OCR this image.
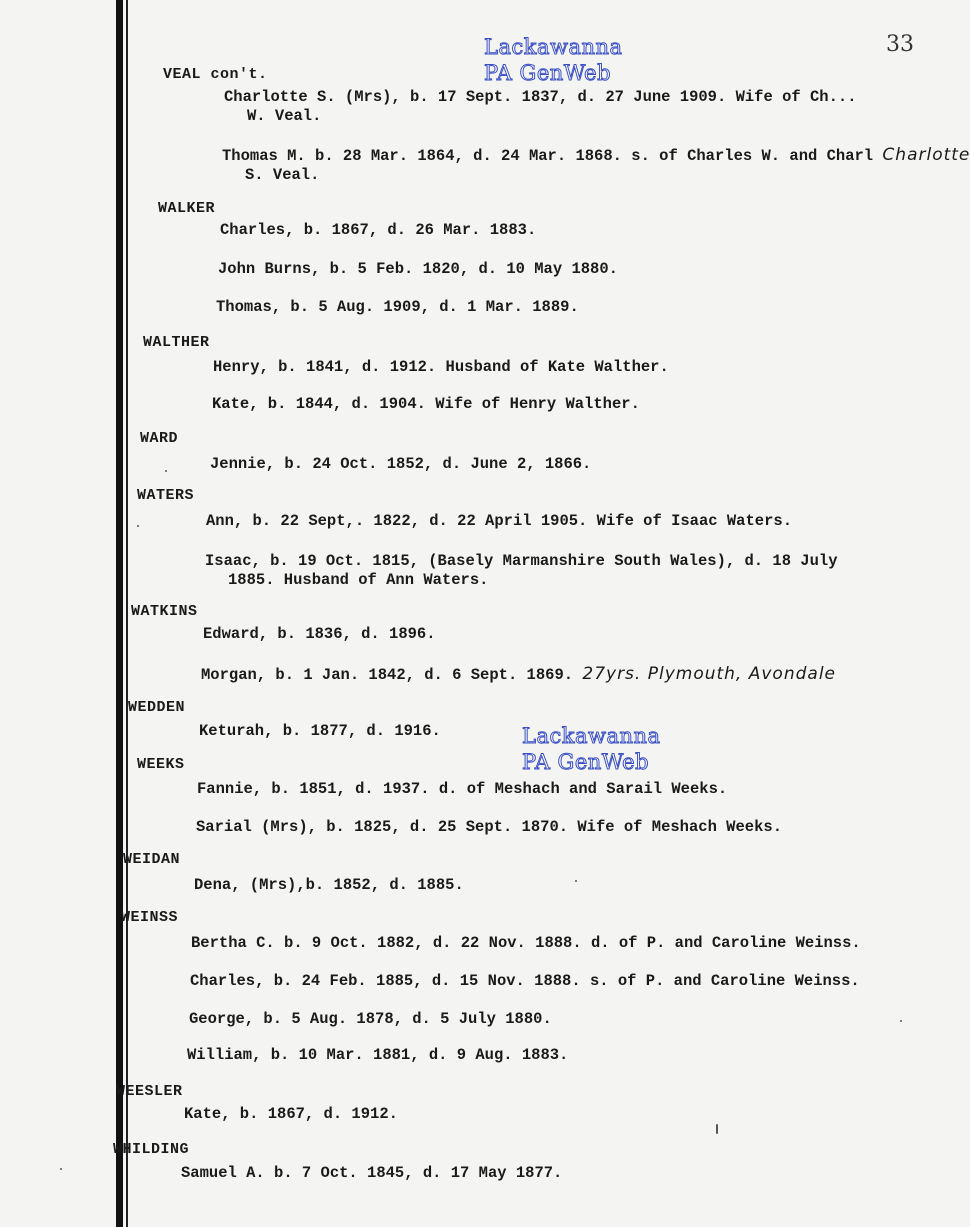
33
Lackawanna
PA GenWeb
Lackawanna
PA GenWeb
VEAL con't.
Charlotte S. (Mrs), b. 17 Sept. 1837, d. 27 June 1909. Wife of Ch...
W. Veal.
Thomas M. b. 28 Mar. 1864, d. 24 Mar. 1868. s. of Charles W. and Charl Charlotte
S. Veal.
WALKER
Charles, b. 1867, d. 26 Mar. 1883.
John Burns, b. 5 Feb. 1820, d. 10 May 1880.
Thomas, b. 5 Aug. 1909, d. 1 Mar. 1889.
WALTHER
Henry, b. 1841, d. 1912. Husband of Kate Walther.
Kate, b. 1844, d. 1904. Wife of Henry Walther.
WARD
Jennie, b. 24 Oct. 1852, d. June 2, 1866.
WATERS
Ann, b. 22 Sept,. 1822, d. 22 April 1905. Wife of Isaac Waters.
Isaac, b. 19 Oct. 1815, (Basely Marmanshire South Wales), d. 18 July
1885. Husband of Ann Waters.
WATKINS
Edward, b. 1836, d. 1896.
Morgan, b. 1 Jan. 1842, d. 6 Sept. 1869. 27yrs. Plymouth, Avondale
WEDDEN
Keturah, b. 1877, d. 1916.
WEEKS
Fannie, b. 1851, d. 1937. d. of Meshach and Sarail Weeks.
Sarial (Mrs), b. 1825, d. 25 Sept. 1870. Wife of Meshach Weeks.
WEIDAN
Dena, (Mrs),b. 1852, d. 1885.
WEINSS
Bertha C. b. 9 Oct. 1882, d. 22 Nov. 1888. d. of P. and Caroline Weinss.
Charles, b. 24 Feb. 1885, d. 15 Nov. 1888. s. of P. and Caroline Weinss.
George, b. 5 Aug. 1878, d. 5 July 1880.
William, b. 10 Mar. 1881, d. 9 Aug. 1883.
WEESLER
Kate, b. 1867, d. 1912.
WHILDING
Samuel A. b. 7 Oct. 1845, d. 17 May 1877.
